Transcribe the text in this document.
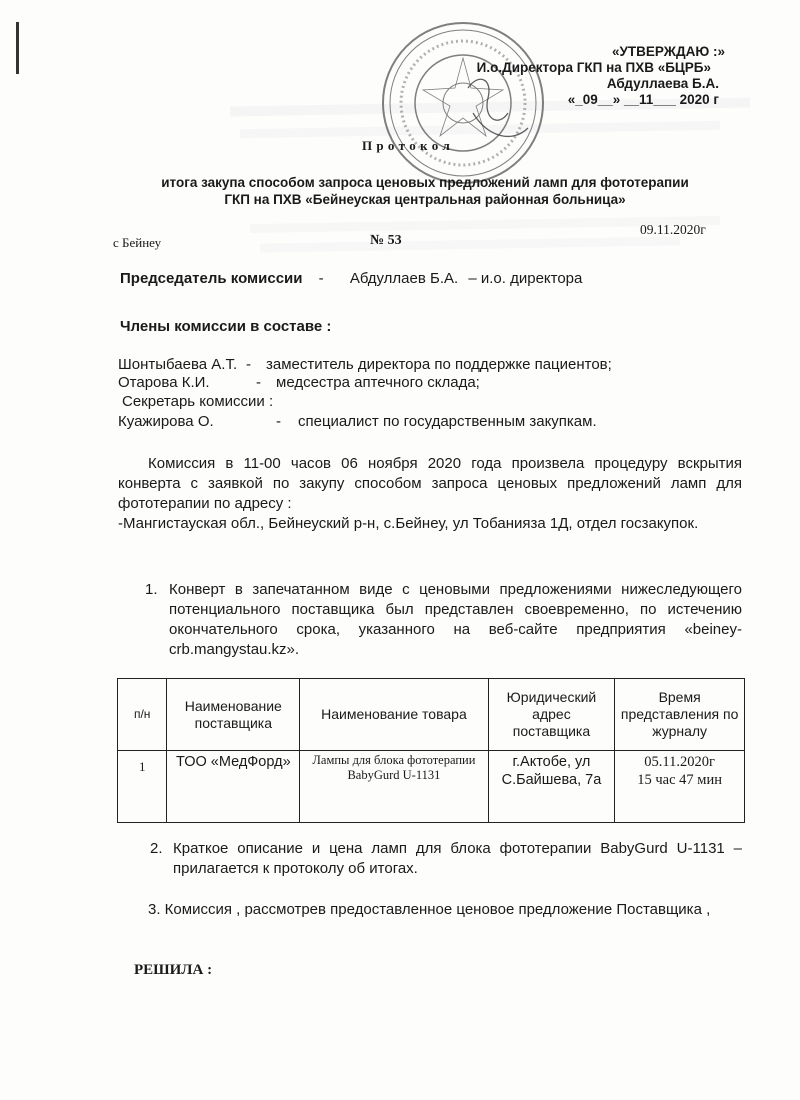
«УТВЕРЖДАЮ :»
И.о.Директора ГКП на ПХВ «БЦРБ»
Абдуллаева Б.А.
«_09__» __11___ 2020 г
П р о т о к о л
итога закупа способом запроса ценовых предложений ламп для фототерапии
ГКП на ПХВ «Бейнеуская центральная районная больница»
с Бейнеу	№ 53
09.11.2020г
Председатель комиссии - Абдуллаев Б.А. – и.о. директора
Члены комиссии в составе :
Шонтыбаева А.Т. - заместитель директора по поддержке пациентов;
Отарова К.И.	- медсестра аптечного склада;
Секретарь комиссии :
Куажирова О.	- специалист по государственным закупкам.
Комиссия в 11-00 часов 06 ноября 2020 года произвела процедуру вскрытия конверта с заявкой по закупу способом запроса ценовых предложений ламп для фототерапии по адресу :
-Мангистауская обл., Бейнеуский р-н, с.Бейнеу, ул Тобанияза 1Д, отдел госзакупок.
1. Конверт в запечатанном виде с ценовыми предложениями нижеследующего потенциального поставщика был представлен своевременно, по истечению окончательного срока, указанного на веб-сайте предприятия «beiney-crb.mangystau.kz».
п/н	Наименование поставщика	Наименование товара	Юридический адрес поставщика	Время представления по журналу
1	ТОО «МедФорд»	Лампы для блока фототерапии BabyGurd U-1131	г.Актобе, ул С.Байшева, 7а	05.11.2020г
15 час 47 мин
2. Краткое описание и цена ламп для блока фототерапии BabyGurd U-1131 – прилагается к протоколу об итогах.
3. Комиссия , рассмотрев предоставленное ценовое предложение Поставщика ,
РЕШИЛА :
